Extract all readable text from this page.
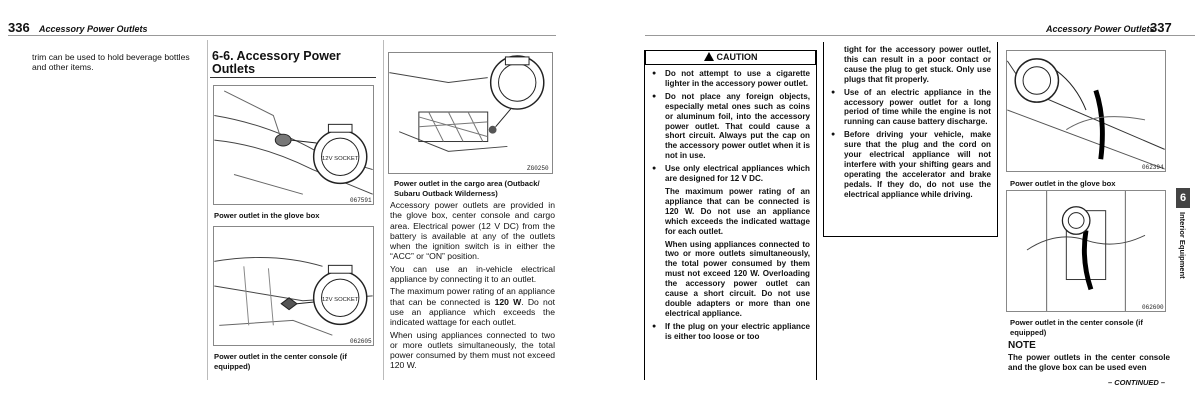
336 Accessory Power Outlets
trim can be used to hold beverage bottles and other items.
6-6. Accessory Power Outlets
12V SOCKET
067591
Power outlet in the glove box
12V SOCKET
062605
Power outlet in the center console (if equipped)
ZG0250
Power outlet in the cargo area (Outback/ Subaru Outback Wilderness)

Accessory power outlets are provided in the glove box, center console and cargo area. Electrical power (12 V DC) from the battery is available at any of the outlets when the ignition switch is in either the “ACC” or “ON” position.

You can use an in-vehicle electrical appliance by connecting it to an outlet.

The maximum power rating of an appliance that can be connected is 120 W. Do not use an appliance which exceeds the indicated wattage for each outlet.

When using appliances connected to two or more outlets simultaneously, the total power consumed by them must not exceed 120 W.

Accessory Power Outlets
337
CAUTION
● Do not attempt to use a cigarette lighter in the accessory power outlet.
● Do not place any foreign objects, especially metal ones such as coins or aluminum foil, into the accessory power outlet. That could cause a short circuit. Always put the cap on the accessory power outlet when it is not in use.
● Use only electrical appliances which are designed for 12 V DC.

The maximum power rating of an appliance that can be connected is 120 W. Do not use an appliance which exceeds the indicated wattage for each outlet.

When using appliances connected to two or more outlets simultaneously, the total power consumed by them must not exceed 120 W. Overloading the accessory power outlet can cause a short circuit. Do not use double adapters or more than one electrical appliance.

● If the plug on your electric appliance is either too loose or too

tight for the accessory power outlet, this can result in a poor contact or cause the plug to get stuck. Only use plugs that fit properly.

● Use of an electric appliance in the accessory power outlet for a long period of time while the engine is not running can cause battery discharge.
● Before driving your vehicle, make sure that the plug and the cord on your electrical appliance will not interfere with your shifting gears and operating the accelerator and brake pedals. If they do, do not use the electrical appliance while driving.
062394
Power outlet in the glove box
062600
Power outlet in the center console (if equipped)
NOTE
The power outlets in the center console and the glove box can be used even
– CONTINUED –
6
Interior Equipment
